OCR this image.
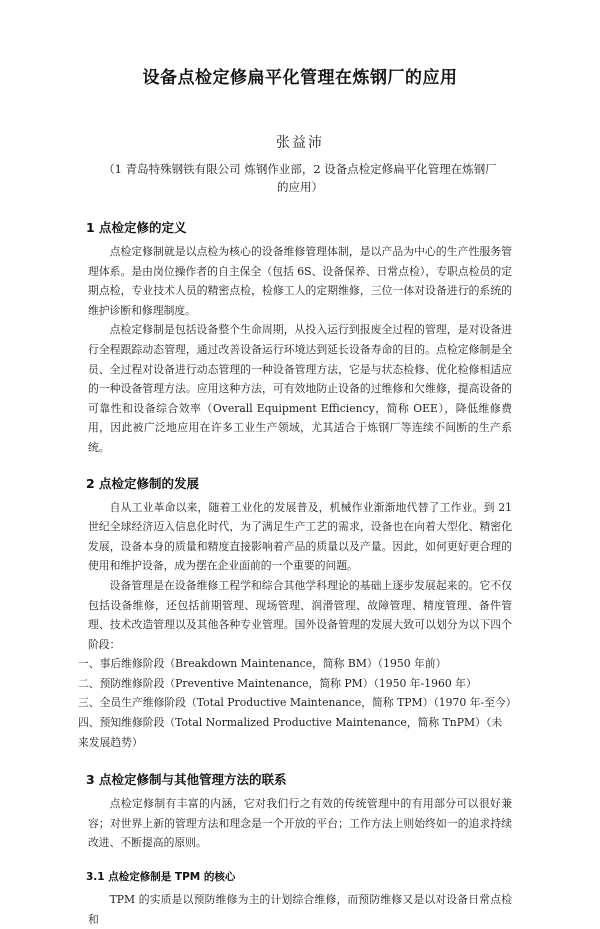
设备点检定修扁平化管理在炼钢厂的应用
张益沛
（1 青岛特殊钢铁有限公司 炼钢作业部，2 设备点检定修扁平化管理在炼钢厂的应用）
1 点检定修的定义

点检定修制就是以点检为核心的设备维修管理体制，是以产品为中心的生产性服务管理体系。是由岗位操作者的自主保全（包括 6S、设备保养、日常点检），专职点检员的定期点检，专业技术人员的精密点检，检修工人的定期维修，三位一体对设备进行的系统的维护诊断和修理制度。

点检定修制是包括设备整个生命周期，从投入运行到报废全过程的管理，是对设备进行全程跟踪动态管理，通过改善设备运行环境达到延长设备寿命的目的。点检定修制是全员、全过程对设备进行动态管理的一种设备管理方法，它是与状态检修、优化检修相适应的一种设备管理方法。应用这种方法，可有效地防止设备的过维修和欠维修，提高设备的可靠性和设备综合效率（Overall Equipment Efficiency，简称 OEE），降低维修费用，因此被广泛地应用在许多工业生产领域，尤其适合于炼钢厂等连续不间断的生产系统。

2 点检定修制的发展

自从工业革命以来，随着工业化的发展普及，机械作业渐渐地代替了工作业。到 21 世纪全球经济迈入信息化时代，为了满足生产工艺的需求，设备也在向着大型化、精密化发展，设备本身的质量和精度直接影响着产品的质量以及产量。因此，如何更好更合理的使用和维护设备，成为摆在企业面前的一个重要的问题。

设备管理是在设备维修工程学和综合其他学科理论的基础上逐步发展起来的。它不仅包括设备维修，还包括前期管理、现场管理、润滑管理、故障管理、精度管理、备件管理、技术改造管理以及其他各种专业管理。国外设备管理的发展大致可以划分为以下四个阶段：

一、事后维修阶段（Breakdown Maintenance，简称 BM）（1950 年前）
二、预防维修阶段（Preventive Maintenance，简称 PM）（1950 年-1960 年）
三、全员生产维修阶段（Total Productive Maintenance，简称 TPM）（1970 年-至今）
四、预知维修阶段（Total Normalized Productive Maintenance，简称 TnPM）（未来发展趋势）
3 点检定修制与其他管理方法的联系

点检定修制有丰富的内涵，它对我们行之有效的传统管理中的有用部分可以很好兼容；对世界上新的管理方法和理念是一个开放的平台；工作方法上则始终如一的追求持续改进、不断提高的原则。

3.1 点检定修制是 TPM 的核心

TPM 的实质是以预防维修为主的计划综合维修，而预防维修又是以对设备日常点检和
